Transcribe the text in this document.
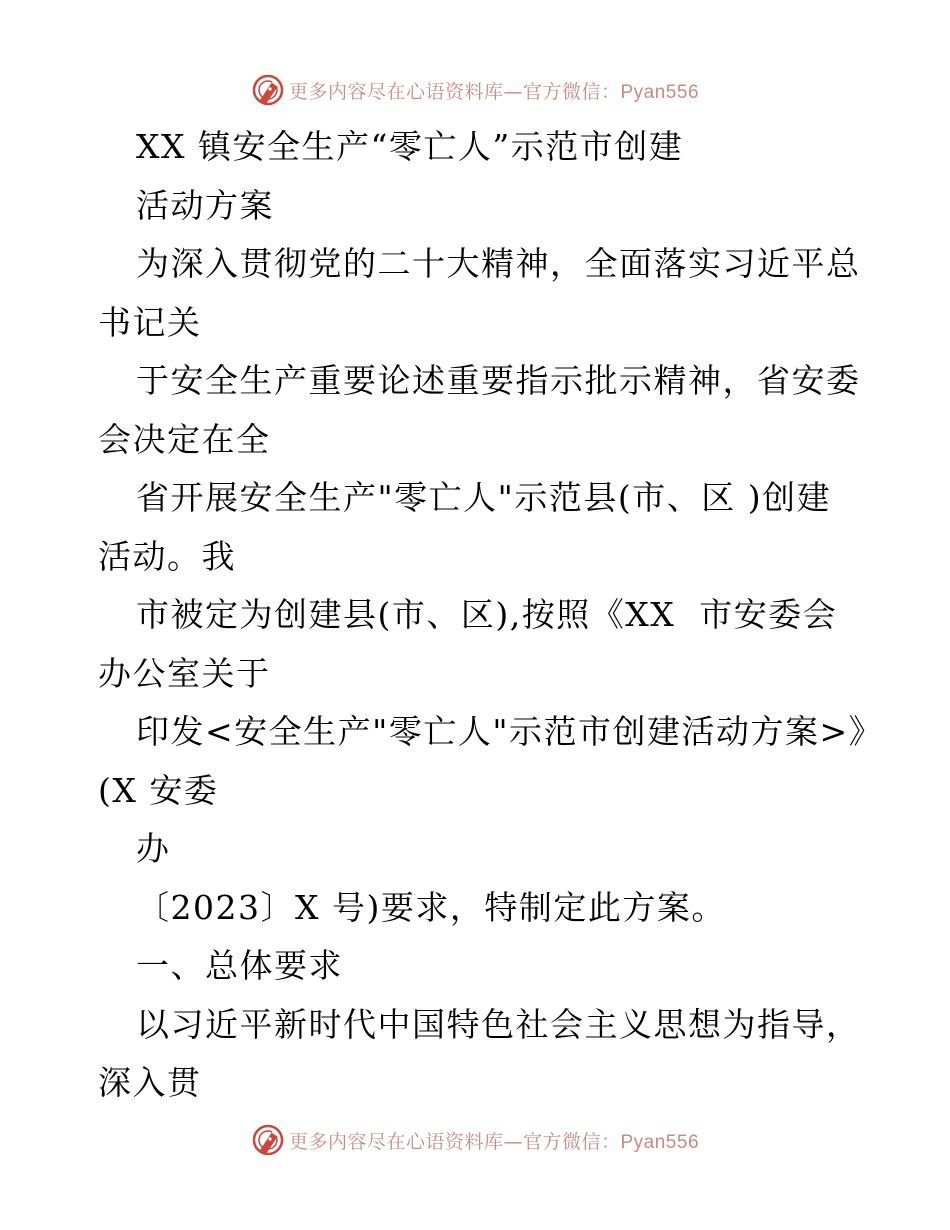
更多内容尽在心语资料库—官方微信：Pyan556
XX 镇安全生产“零亡人”示范市创建
活动方案
为深入贯彻党的二十大精神，全面落实习近平总
书记关
于安全生产重要论述重要指示批示精神，省安委
会决定在全
省开展安全生产"零亡人"示范县(市、区 )创建
活动。我
市被定为创建县(市、区),按照《XX  市安委会
办公室关于
印发<安全生产"零亡人"示范市创建活动方案>》
(X 安委
办
〔2023〕X 号)要求，特制定此方案。
一、总体要求
以习近平新时代中国特色社会主义思想为指导，
深入贯
更多内容尽在心语资料库—官方微信：Pyan556
